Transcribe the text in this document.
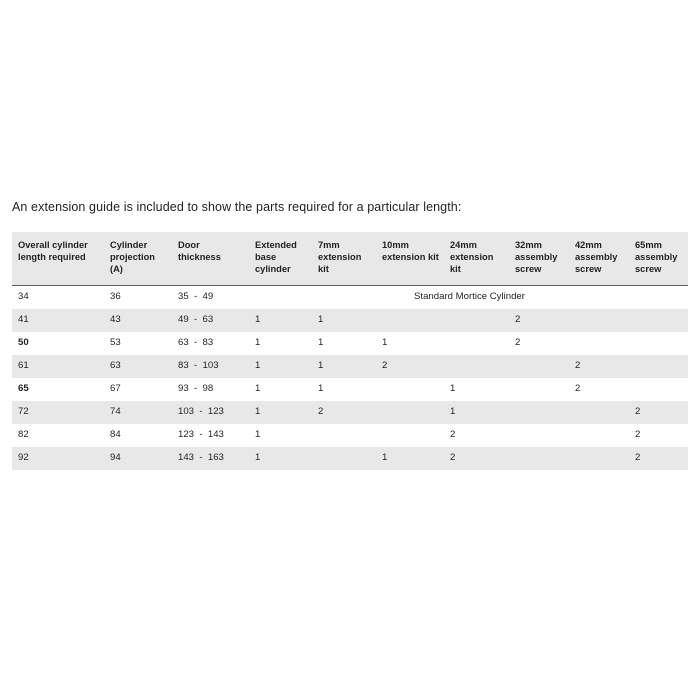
An extension guide is included to show the parts required for a particular length:
Overall cylinder length required	Cylinder projection (A)	Door thickness	Extended base cylinder	7mm extension kit	10mm extension kit	24mm extension kit	32mm assembly screw	42mm assembly screw	65mm assembly screw
34	36	35  -  49	Standard Mortice Cylinder						
41	43	49  -  63	1	1			2		
50	53	63  -  83	1	1	1		2		
61	63	83  -  103	1	1	2			2	
65	67	93  -  98	1	1		1		2	
72	74	103  -  123	1	2		1			2
82	84	123  -  143	1			2			2
92	94	143  -  163	1		1	2			2
